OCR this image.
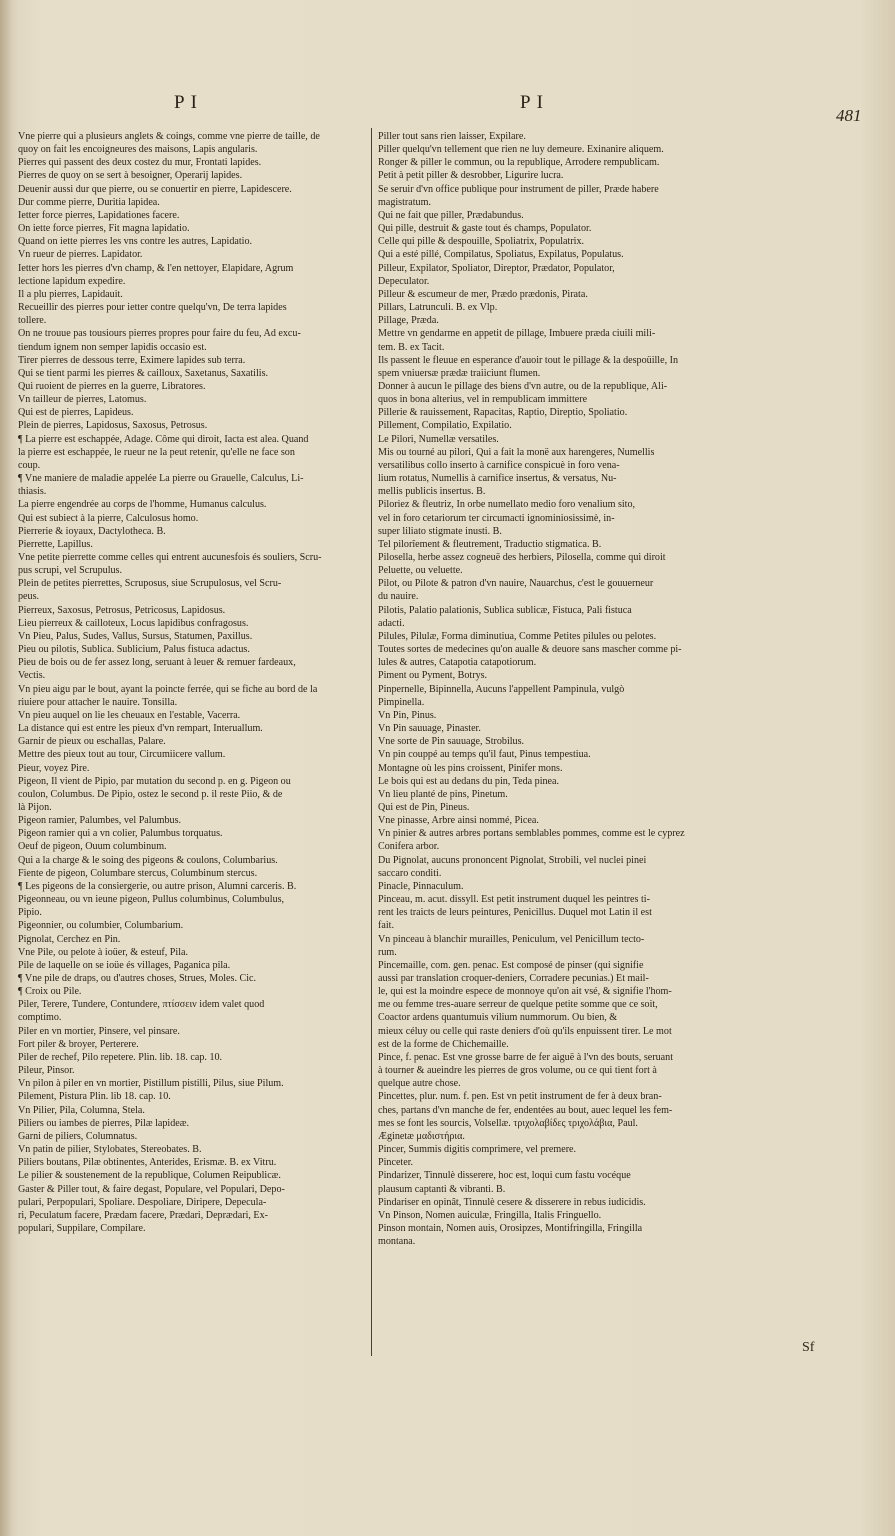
PI	PI
481
Vne pierre qui a plusieurs anglets & coings, comme vne pierre de taille, de
quoy on fait les encoigneures des maisons, Lapis angularis.
Pierres qui passent des deux costez du mur, Frontati lapides.
Pierres de quoy on se sert à besoigner, Operarij lapides.
Deuenir aussi dur que pierre, ou se conuertir en pierre, Lapidescere.
Dur comme pierre, Duritia lapidea.
Ietter force pierres, Lapidationes facere.
On iette force pierres, Fit magna lapidatio.
Quand on iette pierres les vns contre les autres, Lapidatio.
Vn rueur de pierres. Lapidator.
Ietter hors les pierres d'vn champ, & l'en nettoyer, Elapidare, Agrum
lectione lapidum expedire.
Il a plu pierres, Lapidauit.
Recueillir des pierres pour ietter contre quelqu'vn, De terra lapides
tollere.
On ne trouue pas tousiours pierres propres pour faire du feu, Ad excu-
tiendum ignem non semper lapidis occasio est.
Tirer pierres de dessous terre, Eximere lapides sub terra.
Qui se tient parmi les pierres & cailloux, Saxetanus, Saxatilis.
Qui ruoient de pierres en la guerre, Libratores.
Vn tailleur de pierres, Latomus.
Qui est de pierres, Lapideus.
Plein de pierres, Lapidosus, Saxosus, Petrosus.
¶ La pierre est eschappée, Adage. Côme qui diroit, Iacta est alea. Quand
la pierre est eschappée, le rueur ne la peut retenir, qu'elle ne face son
coup.
¶ Vne maniere de maladie appelée La pierre ou Grauelle, Calculus, Li-
thiasis.
La pierre engendrée au corps de l'homme, Humanus calculus.
Qui est subiect à la pierre, Calculosus homo.
Pierrerie & ioyaux, Dactylotheca. B.
Pierrette, Lapillus.
Vne petite pierrette comme celles qui entrent aucunesfois és souliers, Scru-
pus scrupi, vel Scrupulus.
Plein de petites pierrettes, Scruposus, siue Scrupulosus, vel Scru-
peus.
Pierreux, Saxosus, Petrosus, Petricosus, Lapidosus.
Lieu pierreux & cailloteux, Locus lapidibus confragosus.
Vn Pieu, Palus, Sudes, Vallus, Sursus, Statumen, Paxillus.
Pieu ou pilotis, Sublica. Sublicium, Palus fistuca adactus.
Pieu de bois ou de fer assez long, seruant à leuer & remuer fardeaux,
Vectis.
Vn pieu aigu par le bout, ayant la poincte ferrée, qui se fiche au bord de la
riuiere pour attacher le nauire. Tonsilla.
Vn pieu auquel on lie les cheuaux en l'estable, Vacerra.
La distance qui est entre les pieux d'vn rempart, Interuallum.
Garnir de pieux ou eschallas, Palare.
Mettre des pieux tout au tour, Circumiicere vallum.
Pieur, voyez Pire.
Pigeon, Il vient de Pipio, par mutation du second p. en g. Pigeon ou
coulon, Columbus. De Pipio, ostez le second p. il reste Piio, & de
là Pijon.
Pigeon ramier, Palumbes, vel Palumbus.
Pigeon ramier qui a vn colier, Palumbus torquatus.
Oeuf de pigeon, Ouum columbinum.
Qui a la charge & le soing des pigeons & coulons, Columbarius.
Fiente de pigeon, Columbare stercus, Columbinum stercus.
¶ Les pigeons de la consiergerie, ou autre prison, Alumni carceris. B.
Pigeonneau, ou vn ieune pigeon, Pullus columbinus, Columbulus,
Pipio.
Pigeonnier, ou columbier, Columbarium.
Pignolat, Cerchez en Pin.
Vne Pile, ou pelote à ioüer, & esteuf, Pila.
Pile de laquelle on se ioüe és villages, Paganica pila.
¶ Vne pile de draps, ou d'autres choses, Strues, Moles. Cic.
¶ Croix ou Pile.
Piler, Terere, Tundere, Contundere, πτίσσειν idem valet quod
comptimo.
Piler en vn mortier, Pinsere, vel pinsare.
Fort piler & broyer, Perterere.
Piler de rechef, Pilo repetere. Plin. lib. 18. cap. 10.
Pileur, Pinsor.
Vn pilon à piler en vn mortier, Pistillum pistilli, Pilus, siue Pilum.
Pilement, Pistura Plin. lib 18. cap. 10.
Vn Pilier, Pila, Columna, Stela.
Piliers ou iambes de pierres, Pilæ lapideæ.
Garni de piliers, Columnatus.
Vn patin de pilier, Stylobates, Stereobates. B.
Piliers boutans, Pilæ obtinentes, Anterides, Erismæ. B. ex Vitru.
Le pilier & soustenement de la republique, Columen Reipublicæ.
Gaster & Piller tout, & faire degast, Populare, vel Populari, Depo-
pulari, Perpopulari, Spoliare. Despoliare, Diripere, Depecula-
ri, Peculatum facere, Prædam facere, Prædari, Deprædari, Ex-
populari, Suppilare, Compilare.
Piller tout sans rien laisser, Expilare.
Piller quelqu'vn tellement que rien ne luy demeure. Exinanire aliquem.
Ronger & piller le commun, ou la republique, Arrodere rempublicam.
Petit à petit piller & desrobber, Ligurire lucra.
Se seruir d'vn office publique pour instrument de piller, Præde habere
magistratum.
Qui ne fait que piller, Prædabundus.
Qui pille, destruit & gaste tout és champs, Populator.
Celle qui pille & despouille, Spoliatrix, Populatrix.
Qui a esté pillé, Compilatus, Spoliatus, Expilatus, Populatus.
Pilleur, Expilator, Spoliator, Direptor, Prædator, Populator,
Depeculator.
Pilleur & escumeur de mer, Prædo prædonis, Pirata.
Pillars, Latrunculi. B. ex Vlp.
Pillage, Præda.
Mettre vn gendarme en appetit de pillage, Imbuere præda ciuili mili-
tem. B. ex Tacit.
Ils passent le fleuue en esperance d'auoir tout le pillage & la despoüille, In
spem vniuersæ prædæ traiiciunt flumen.
Donner à aucun le pillage des biens d'vn autre, ou de la republique, Ali-
quos in bona alterius, vel in rempublicam immittere
Pillerie & rauissement, Rapacitas, Raptio, Direptio, Spoliatio.
Pillement, Compilatio, Expilatio.
Le Pilori, Numellæ versatiles.
Mis ou tourné au pilori, Qui a fait la monë aux harengeres, Numellis
versatilibus collo inserto à carnifice conspicuè in foro vena-
lium rotatus, Numellis à carnifice insertus, & versatus, Nu-
mellis publicis insertus. B.
Piloriez & fleutriz, In orbe numellato medio foro venalium sito,
vel in foro cetariorum ter circumacti ignominiosissimè, in-
super liliato stigmate inusti. B.
Tel pilorîement & fleutrement, Traductio stigmatica. B.
Pilosella, herbe assez cogneuë des herbiers, Pilosella, comme qui diroit
Peluette, ou veluette.
Pilot, ou Pilote & patron d'vn nauire, Nauarchus, c'est le gouuerneur
du nauire.
Pilotis, Palatio palationis, Sublica sublicæ, Fistuca, Pali fistuca
adacti.
Pilules, Pilulæ, Forma diminutiua, Comme Petites pilules ou pelotes.
Toutes sortes de medecines qu'on aualle & deuore sans mascher comme pi-
lules & autres, Catapotia catapotiorum.
Piment ou Pyment, Botrys.
Pinpernelle, Bipinnella, Aucuns l'appellent Pampinula, vulgò
Pimpinella.
Vn Pin, Pinus.
Vn Pin sauuage, Pinaster.
Vne sorte de Pin sauuage, Strobilus.
Vn pin couppé au temps qu'il faut, Pinus tempestiua.
Montagne où les pins croissent, Pinifer mons.
Le bois qui est au dedans du pin, Teda pinea.
Vn lieu planté de pins, Pinetum.
Qui est de Pin, Pineus.
Vne pinasse, Arbre ainsi nommé, Picea.
Vn pinier & autres arbres portans semblables pommes, comme est le cyprez
Conifera arbor.
Du Pignolat, aucuns prononcent Pignolat, Strobili, vel nuclei pinei
saccaro conditi.
Pinacle, Pinnaculum.
Pinceau, m. acut. dissyll. Est petit instrument duquel les peintres ti-
rent les traicts de leurs peintures, Penicillus. Duquel mot Latin il est
fait.
Vn pinceau à blanchir murailles, Peniculum, vel Penicillum tecto-
rum.
Pincemaille, com. gen. penac. Est composé de pinser (qui signifie
aussi par translation croquer-deniers, Corradere pecunias.) Et mail-
le, qui est la moindre espece de monnoye qu'on ait vsé, & signifie l'hom-
me ou femme tres-auare serreur de quelque petite somme que ce soit,
Coactor ardens quantumuis vilium nummorum. Ou bien, &
mieux céluy ou celle qui raste deniers d'où qu'ils enpuissent tirer. Le mot
est de la forme de Chichemaille.
Pince, f. penac. Est vne grosse barre de fer aiguë à l'vn des bouts, seruant
à tourner & aueindre les pierres de gros volume, ou ce qui tient fort à
quelque autre chose.
Pincettes, plur. num. f. pen. Est vn petit instrument de fer à deux bran-
ches, partans d'vn manche de fer, endentées au bout, auec lequel les fem-
mes se font les sourcis, Volsellæ. τριχολαβίδες τριχολάβια, Paul.
Æginetæ μαδιστήρια.
Pincer, Summis digitis comprimere, vel premere.
Pinceter.
Pindarizer, Tinnulè disserere, hoc est, loqui cum fastu vocéque
plausum captanti & vibranti. B.
Pindariser en opinât, Tinnulè cesere & disserere in rebus iudicidis.
Vn Pinson, Nomen auiculæ, Fringilla, Italis Fringuello.
Pinson montain, Nomen auis, Orosipzes, Montifringilla, Fringilla
montana.
Sf
